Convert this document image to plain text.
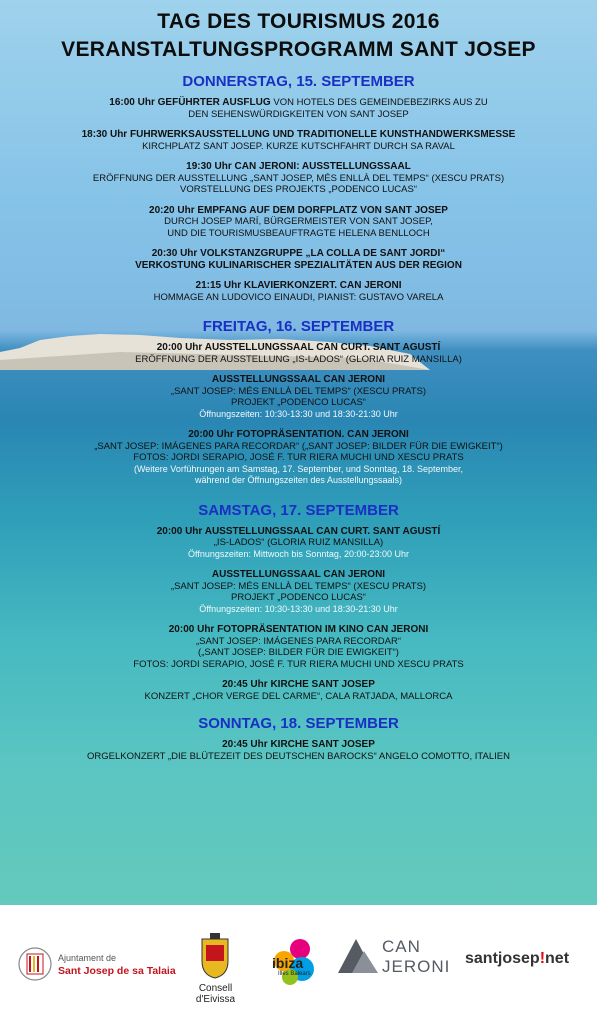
TAG DES TOURISMUS 2016

VERANSTALTUNGSPROGRAMM SANT JOSEP

DONNERSTAG, 15. SEPTEMBER

16:00 Uhr GEFÜHRTER AUSFLUG VON HOTELS DES GEMEINDEBEZIRKS AUS ZU

DEN SEHENSWÜRDIGKEITEN VON SANT JOSEP

18:30 Uhr FUHRWERKSAUSSTELLUNG UND TRADITIONELLE KUNSTHANDWERKSMESSE

KIRCHPLATZ SANT JOSEP. KURZE KUTSCHFAHRT DURCH SA RAVAL

19:30 Uhr CAN JERONI: AUSSTELLUNGSSAAL

ERÖFFNUNG DER AUSSTELLUNG „SANT JOSEP, MÉS ENLLÀ DEL TEMPS“ (XESCU PRATS)

VORSTELLUNG DES PROJEKTS „PODENCO LUCAS“

20:20 Uhr EMPFANG AUF DEM DORFPLATZ VON SANT JOSEP

DURCH JOSEP MARÍ, BÜRGERMEISTER VON SANT JOSEP,

UND DIE TOURISMUSBEAUFTRAGTE HELENA BENLLOCH

20:30 Uhr VOLKSTANZGRUPPE „LA COLLA DE SANT JORDI“

VERKOSTUNG KULINARISCHER SPEZIALITÄTEN AUS DER REGION

21:15 Uhr KLAVIERKONZERT. CAN JERONI

HOMMAGE AN LUDOVICO EINAUDI, PIANIST: GUSTAVO VARELA

FREITAG, 16. SEPTEMBER

20:00 Uhr AUSSTELLUNGSSAAL CAN CURT. SANT AGUSTÍ

ERÖFFNUNG DER AUSSTELLUNG „IS-LADOS“ (GLORIA RUIZ MANSILLA)

AUSSTELLUNGSSAAL CAN JERONI

„SANT JOSEP: MÉS ENLLÀ DEL TEMPS“ (XESCU PRATS)

PROJEKT „PODENCO LUCAS“

Öffnungszeiten: 10:30-13:30 und 18:30-21:30 Uhr

20:00 Uhr FOTOPRÄSENTATION. CAN JERONI

„SANT JOSEP: IMÁGENES PARA RECORDAR“ („SANT JOSEP: BILDER FÜR DIE EWIGKEIT“)

FOTOS: JORDI SERAPIO, JOSÉ F. TUR RIERA MUCHI UND XESCU PRATS

(Weitere Vorführungen am Samstag, 17. September, und Sonntag, 18. September,

während der Öffnungszeiten des Ausstellungssaals)

SAMSTAG, 17. SEPTEMBER

20:00 Uhr AUSSTELLUNGSSAAL CAN CURT. SANT AGUSTÍ

„IS-LADOS“ (GLORIA RUIZ MANSILLA)

Öffnungszeiten: Mittwoch bis Sonntag, 20:00-23:00 Uhr

AUSSTELLUNGSSAAL CAN JERONI

„SANT JOSEP: MÉS ENLLÀ DEL TEMPS“ (XESCU PRATS)

PROJEKT „PODENCO LUCAS“

Öffnungszeiten: 10:30-13:30 und 18:30-21:30 Uhr

20:00 Uhr FOTOPRÄSENTATION IM KINO CAN JERONI

„SANT JOSEP: IMÁGENES PARA RECORDAR“

(„SANT JOSEP: BILDER FÜR DIE EWIGKEIT“)

FOTOS: JORDI SERAPIO, JOSÉ F. TUR RIERA MUCHI UND XESCU PRATS

20:45 Uhr KIRCHE SANT JOSEP

KONZERT „CHOR VERGE DEL CARME“, CALA RATJADA, MALLORCA

SONNTAG, 18. SEPTEMBER

20:45 Uhr KIRCHE SANT JOSEP

ORGELKONZERT „DIE BLÜTEZEIT DES DEUTSCHEN BAROCKS“ ANGELO COMOTTO, ITALIEN

Ajuntament de
Sant Josep de sa Talaia
Consell d'Eivissa
ibiza
Illes Balears
CAN
JERONI santjosep!net
